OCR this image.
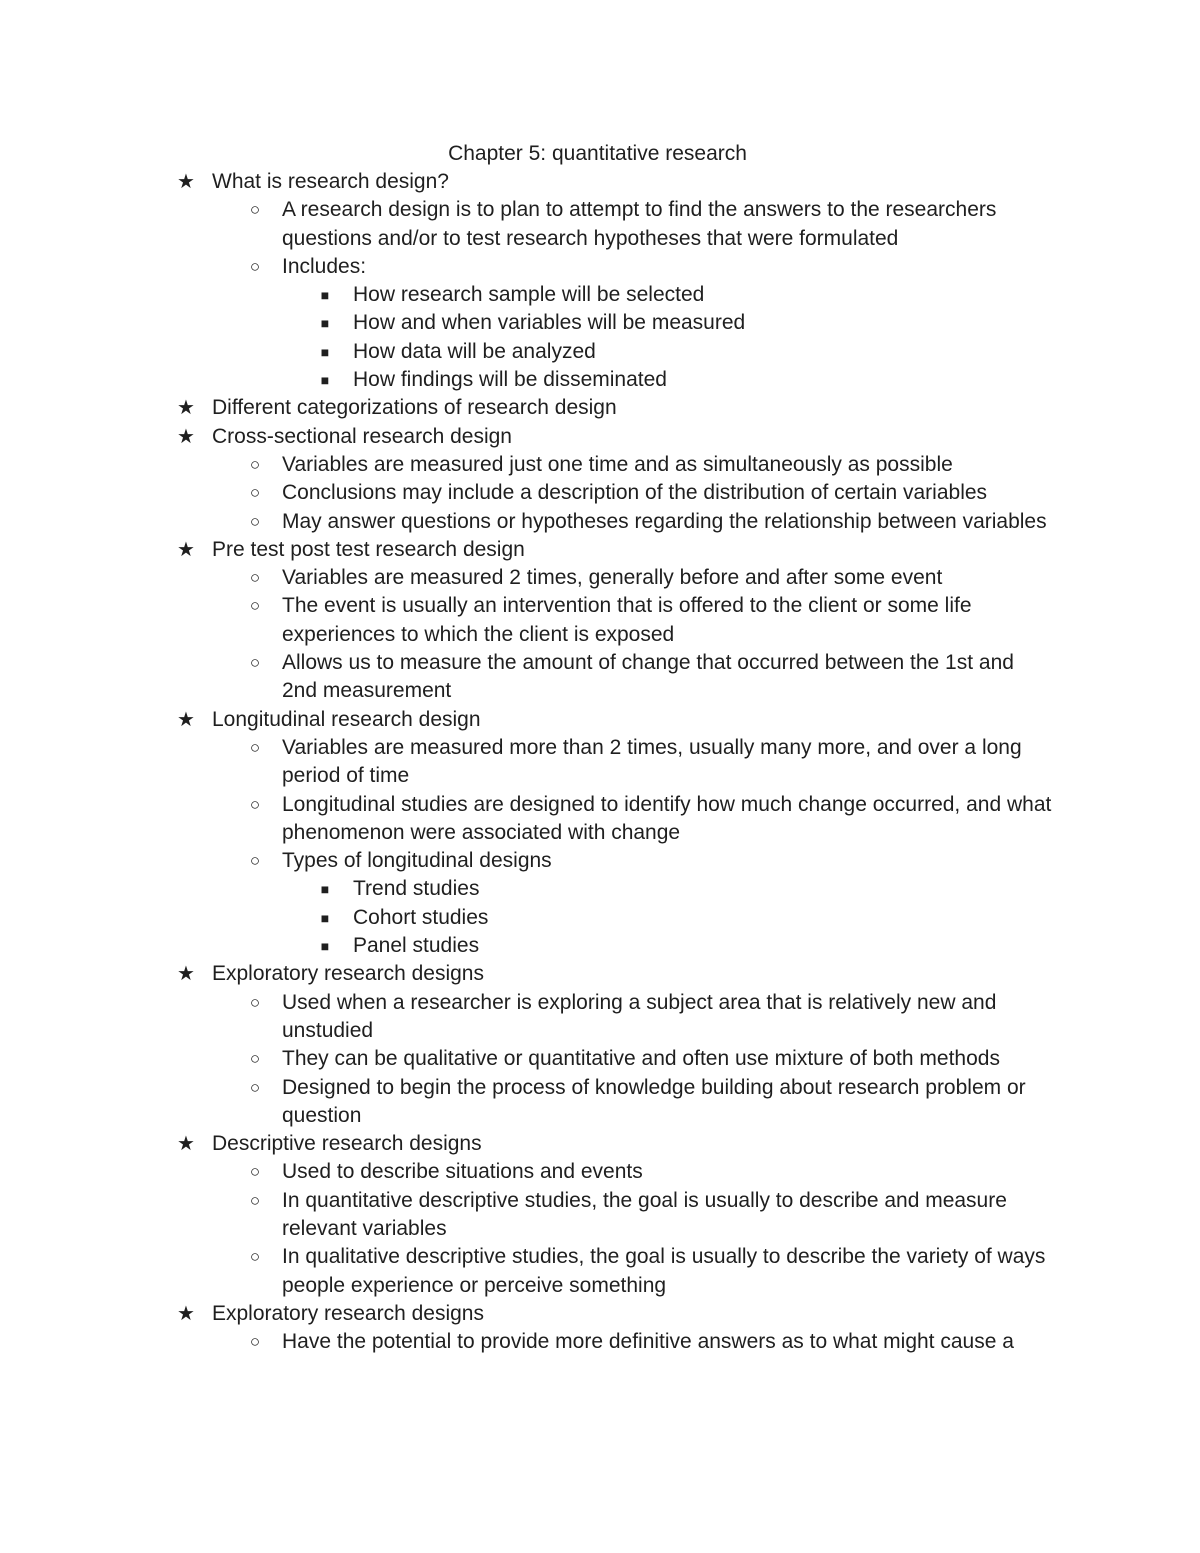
Chapter 5: quantitative research
★ What is research design?
○	A research design is to plan to attempt to find the answers to the researchers questions and/or to test research hypotheses that were formulated
○	Includes:
■	How research sample will be selected
■	How and when variables will be measured
■	How data will be analyzed
■	How findings will be disseminated
★ Different categorizations of research design
★ Cross-sectional research design
○	Variables are measured just one time and as simultaneously as possible
○	Conclusions may include a description of the distribution of certain variables
○	May answer questions or hypotheses regarding the relationship between variables
★ Pre test post test research design
○	Variables are measured 2 times, generally before and after some event
○	The event is usually an intervention that is offered to the client or some life experiences to which the client is exposed
○	Allows us to measure the amount of change that occurred between the 1st and 2nd measurement
★ Longitudinal research design
○	Variables are measured more than 2 times, usually many more, and over a long period of time
○	Longitudinal studies are designed to identify how much change occurred, and what phenomenon were associated with change
○	Types of longitudinal designs
■	Trend studies
■	Cohort studies
■	Panel studies
★ Exploratory research designs
○	Used when a researcher is exploring a subject area that is relatively new and unstudied
○	They can be qualitative or quantitative and often use mixture of both methods
○	Designed to begin the process of knowledge building about research problem or question
★ Descriptive research designs
○	Used to describe situations and events
○	In quantitative descriptive studies, the goal is usually to describe and measure relevant variables
○	In qualitative descriptive studies, the goal is usually to describe the variety of ways people experience or perceive something
★ Exploratory research designs
○	Have the potential to provide more definitive answers as to what might cause a
